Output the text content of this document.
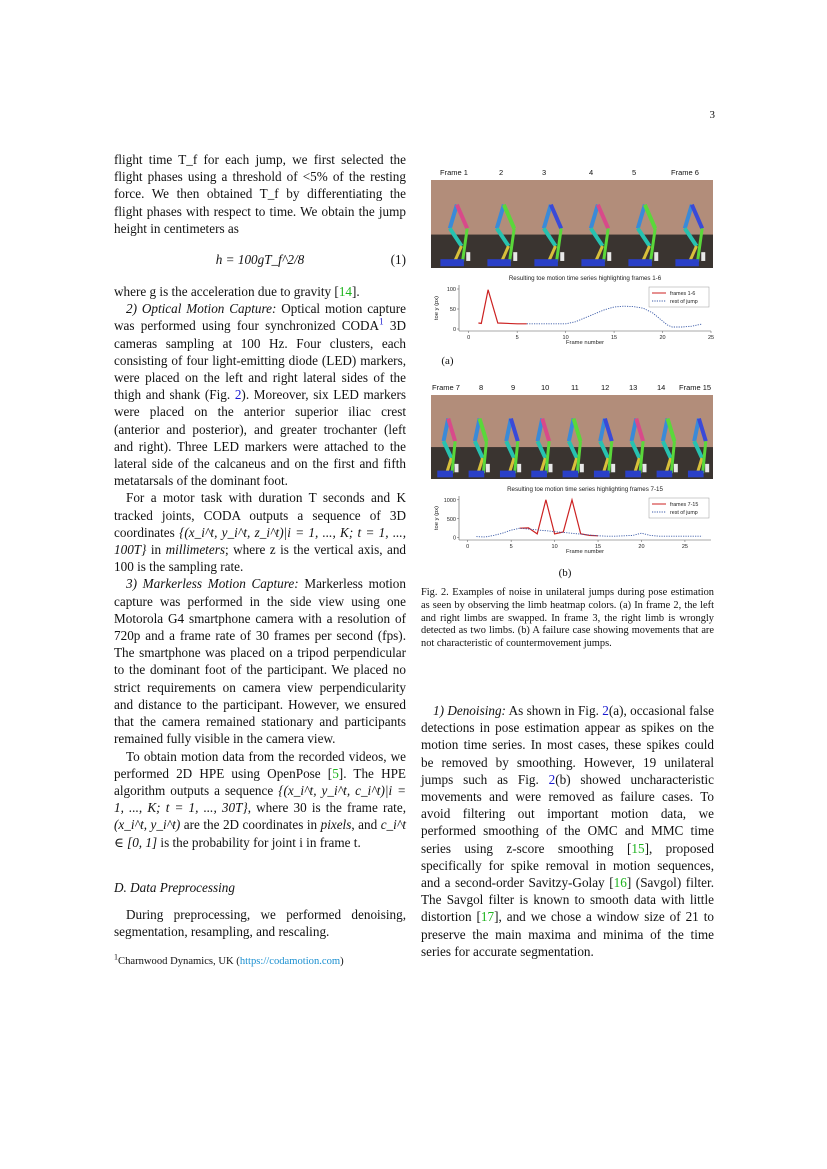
3

flight time T_f for each jump, we first selected the flight phases using a threshold of <5% of the resting force. We then obtained T_f by differentiating the flight phases with respect to time. We obtain the jump height in centimeters as

h = 100gT_f^2/8	(1)

where g is the acceleration due to gravity [14].

2) Optical Motion Capture: Optical motion capture was performed using four synchronized CODA$^1$ 3D cameras sampling at 100 Hz. Four clusters, each consisting of four light-emitting diode (LED) markers, were placed on the left and right lateral sides of the thigh and shank (Fig. 2). Moreover, six LED markers were placed on the anterior superior iliac crest (anterior and posterior), and greater trochanter (left and right). Three LED markers were attached to the lateral side of the calcaneus and on the first and fifth metatarsals of the dominant foot.

For a motor task with duration T seconds and K tracked joints, CODA outputs a sequence of 3D coordinates {(x_i^t, y_i^t, z_i^t)|i = 1, ..., K; t = 1, ..., 100T} in millimeters; where z is the vertical axis, and 100 is the sampling rate.

3) Markerless Motion Capture: Markerless motion capture was performed in the side view using one Motorola G4 smartphone camera with a resolution of 720p and a frame rate of 30 frames per second (fps). The smartphone was placed on a tripod perpendicular to the dominant foot of the participant. We placed no strict requirements on camera view perpendicularity and distance to the participant. However, we ensured that the camera remained stationary and participants remained fully visible in the camera view.

To obtain motion data from the recorded videos, we performed 2D HPE using OpenPose [5]. The HPE algorithm outputs a sequence {(x_i^t, y_i^t, c_i^t)|i = 1, ..., K; t = 1, ..., 30T}, where 30 is the frame rate, (x_i^t, y_i^t) are the 2D coordinates in pixels, and c_i^t ∈ [0, 1] is the probability for joint i in frame t.

D. Data Preprocessing

During preprocessing, we performed denoising, segmentation, resampling, and rescaling.

$^1$Charnwood Dynamics, UK (https://codamotion.com)

Frame 1	2	3	4	5	Frame 6

Resulting toe motion time series highlighting frames 1-6
0	5	10	15	20	25
0
50
100
Frame number
toe y (px)
frames 1-6
rest of jump
(a)
Frame 7	8	9	10	11	12	13	14 Frame 15

Resulting toe motion time series highlighting frames 7-15
0	5	10	15	20	25
0
500
1000
Frame number
toe y (px)
frames 7-15
rest of jump
(b)
Fig. 2. Examples of noise in unilateral jumps during pose estimation as seen by observing the limb heatmap colors. (a) In frame 2, the left and right limbs are swapped. In frame 3, the right limb is wrongly detected as two limbs. (b) A failure case showing movements that are not characteristic of countermovement jumps.

1) Denoising: As shown in Fig. 2(a), occasional false detections in pose estimation appear as spikes on the motion time series. In most cases, these spikes could be removed by smoothing. However, 19 unilateral jumps such as Fig. 2(b) showed uncharacteristic movements and were removed as failure cases. To avoid filtering out important motion data, we performed smoothing of the OMC and MMC time series using z-score smoothing [15], proposed specifically for spike removal in motion sequences, and a second-order Savitzy-Golay [16] (Savgol) filter. The Savgol filter is known to smooth data with little distortion [17], and we chose a window size of 21 to preserve the main maxima and minima of the time series for accurate segmentation.
